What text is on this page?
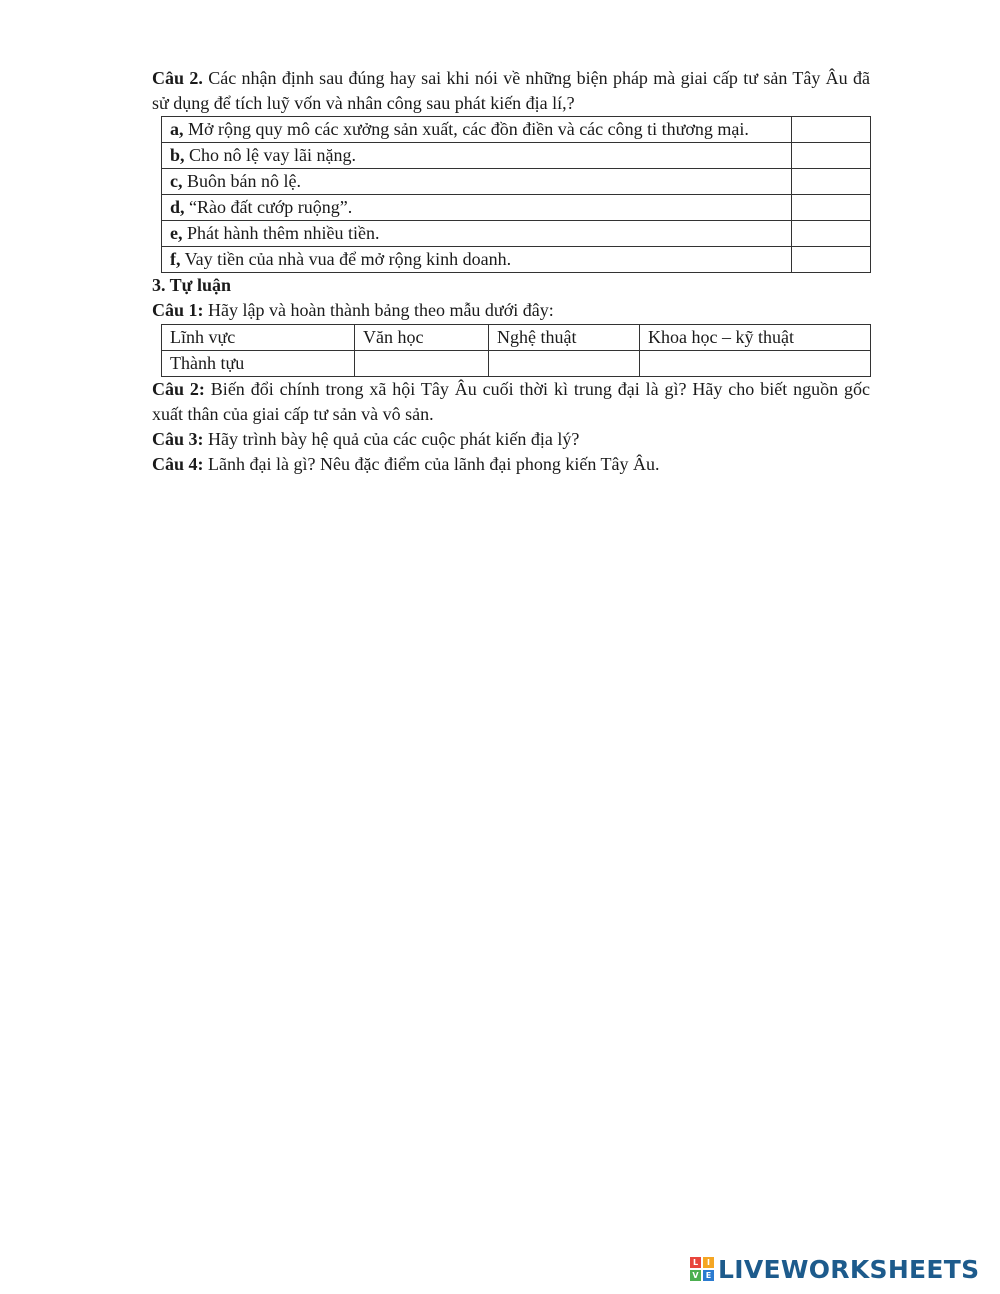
Câu 2. Các nhận định sau đúng hay sai khi nói về những biện pháp mà giai cấp tư sản Tây Âu đã sử dụng để tích luỹ vốn và nhân công sau phát kiến địa lí,?

a, Mở rộng quy mô các xưởng sản xuất, các đồn điền và các công ti thương mại.	
b, Cho nô lệ vay lãi nặng.	
c, Buôn bán nô lệ.	
d, “Rào đất cướp ruộng”.	
e, Phát hành thêm nhiều tiền.	
f, Vay tiền của nhà vua để mở rộng kinh doanh.	

3. Tự luận

Câu 1: Hãy lập và hoàn thành bảng theo mẫu dưới đây:

Lĩnh vực	Văn học	Nghệ thuật	Khoa học – kỹ thuật
Thành tựu			

Câu 2: Biến đổi chính trong xã hội Tây Âu cuối thời kì trung đại là gì? Hãy cho biết nguồn gốc xuất thân của giai cấp tư sản và vô sản.

Câu 3: Hãy trình bày hệ quả của các cuộc phát kiến địa lý?

Câu 4: Lãnh đại là gì? Nêu đặc điểm của lãnh đại phong kiến Tây Âu.

L	I
V E LIVEWORKSHEETS
